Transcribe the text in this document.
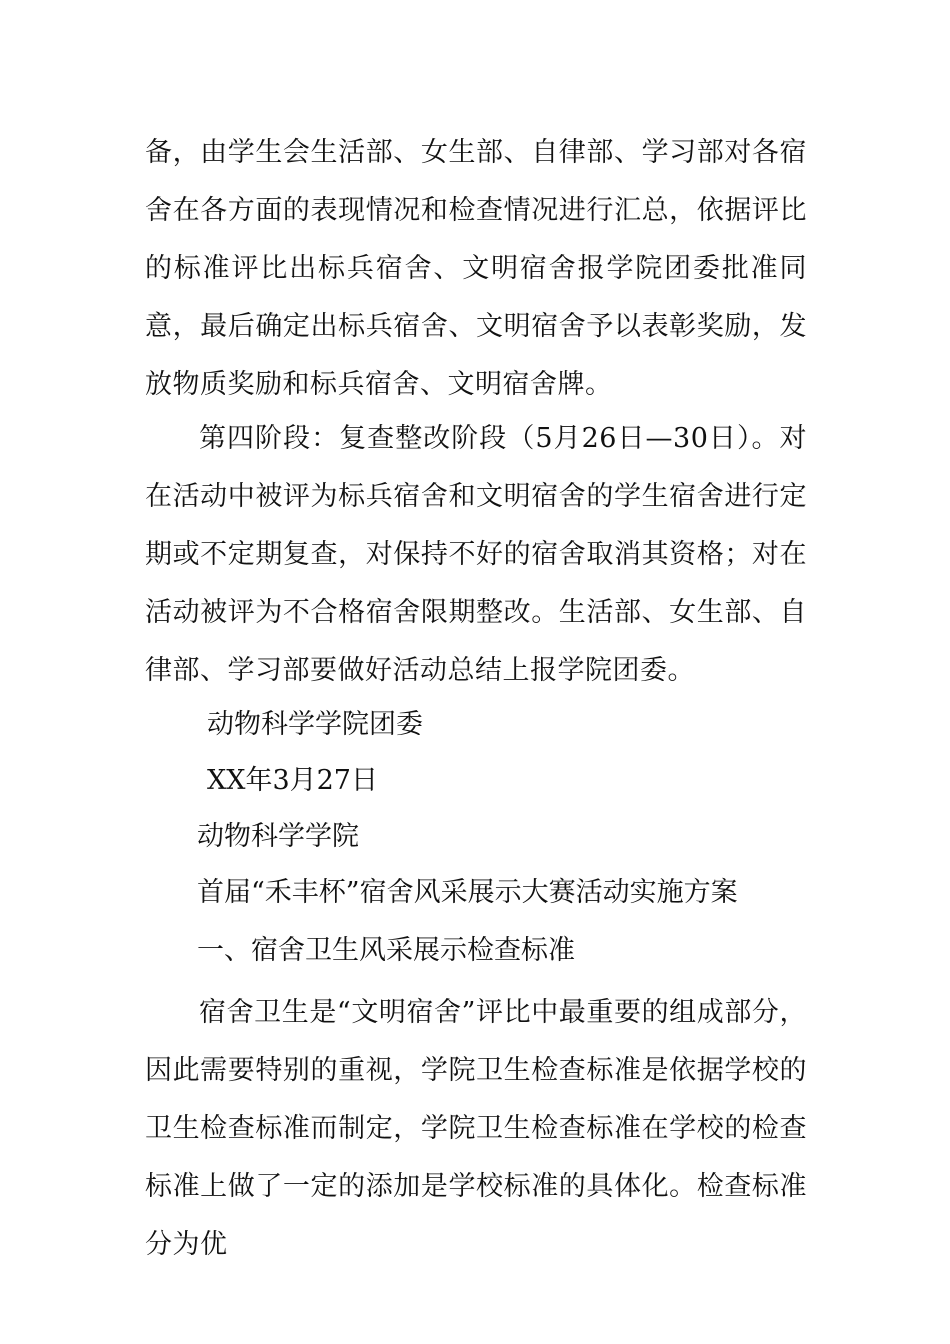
备，由学生会生活部、女生部、自律部、学习部对各宿舍在各方面的表现情况和检查情况进行汇总，依据评比的标准评比出标兵宿舍、文明宿舍报学院团委批准同意，最后确定出标兵宿舍、文明宿舍予以表彰奖励，发放物质奖励和标兵宿舍、文明宿舍牌。

第四阶段：复查整改阶段（5月26日—30日）。对在活动中被评为标兵宿舍和文明宿舍的学生宿舍进行定期或不定期复查，对保持不好的宿舍取消其资格；对在活动被评为不合格宿舍限期整改。生活部、女生部、自律部、学习部要做好活动总结上报学院团委。

动物科学学院团委

XX年3月27日

动物科学学院

首届“禾丰杯”宿舍风采展示大赛活动实施方案

一、宿舍卫生风采展示检查标准

宿舍卫生是“文明宿舍”评比中最重要的组成部分，因此需要特别的重视，学院卫生检查标准是依据学校的卫生检查标准而制定，学院卫生检查标准在学校的检查标准上做了一定的添加是学校标准的具体化。检查标准分为优
